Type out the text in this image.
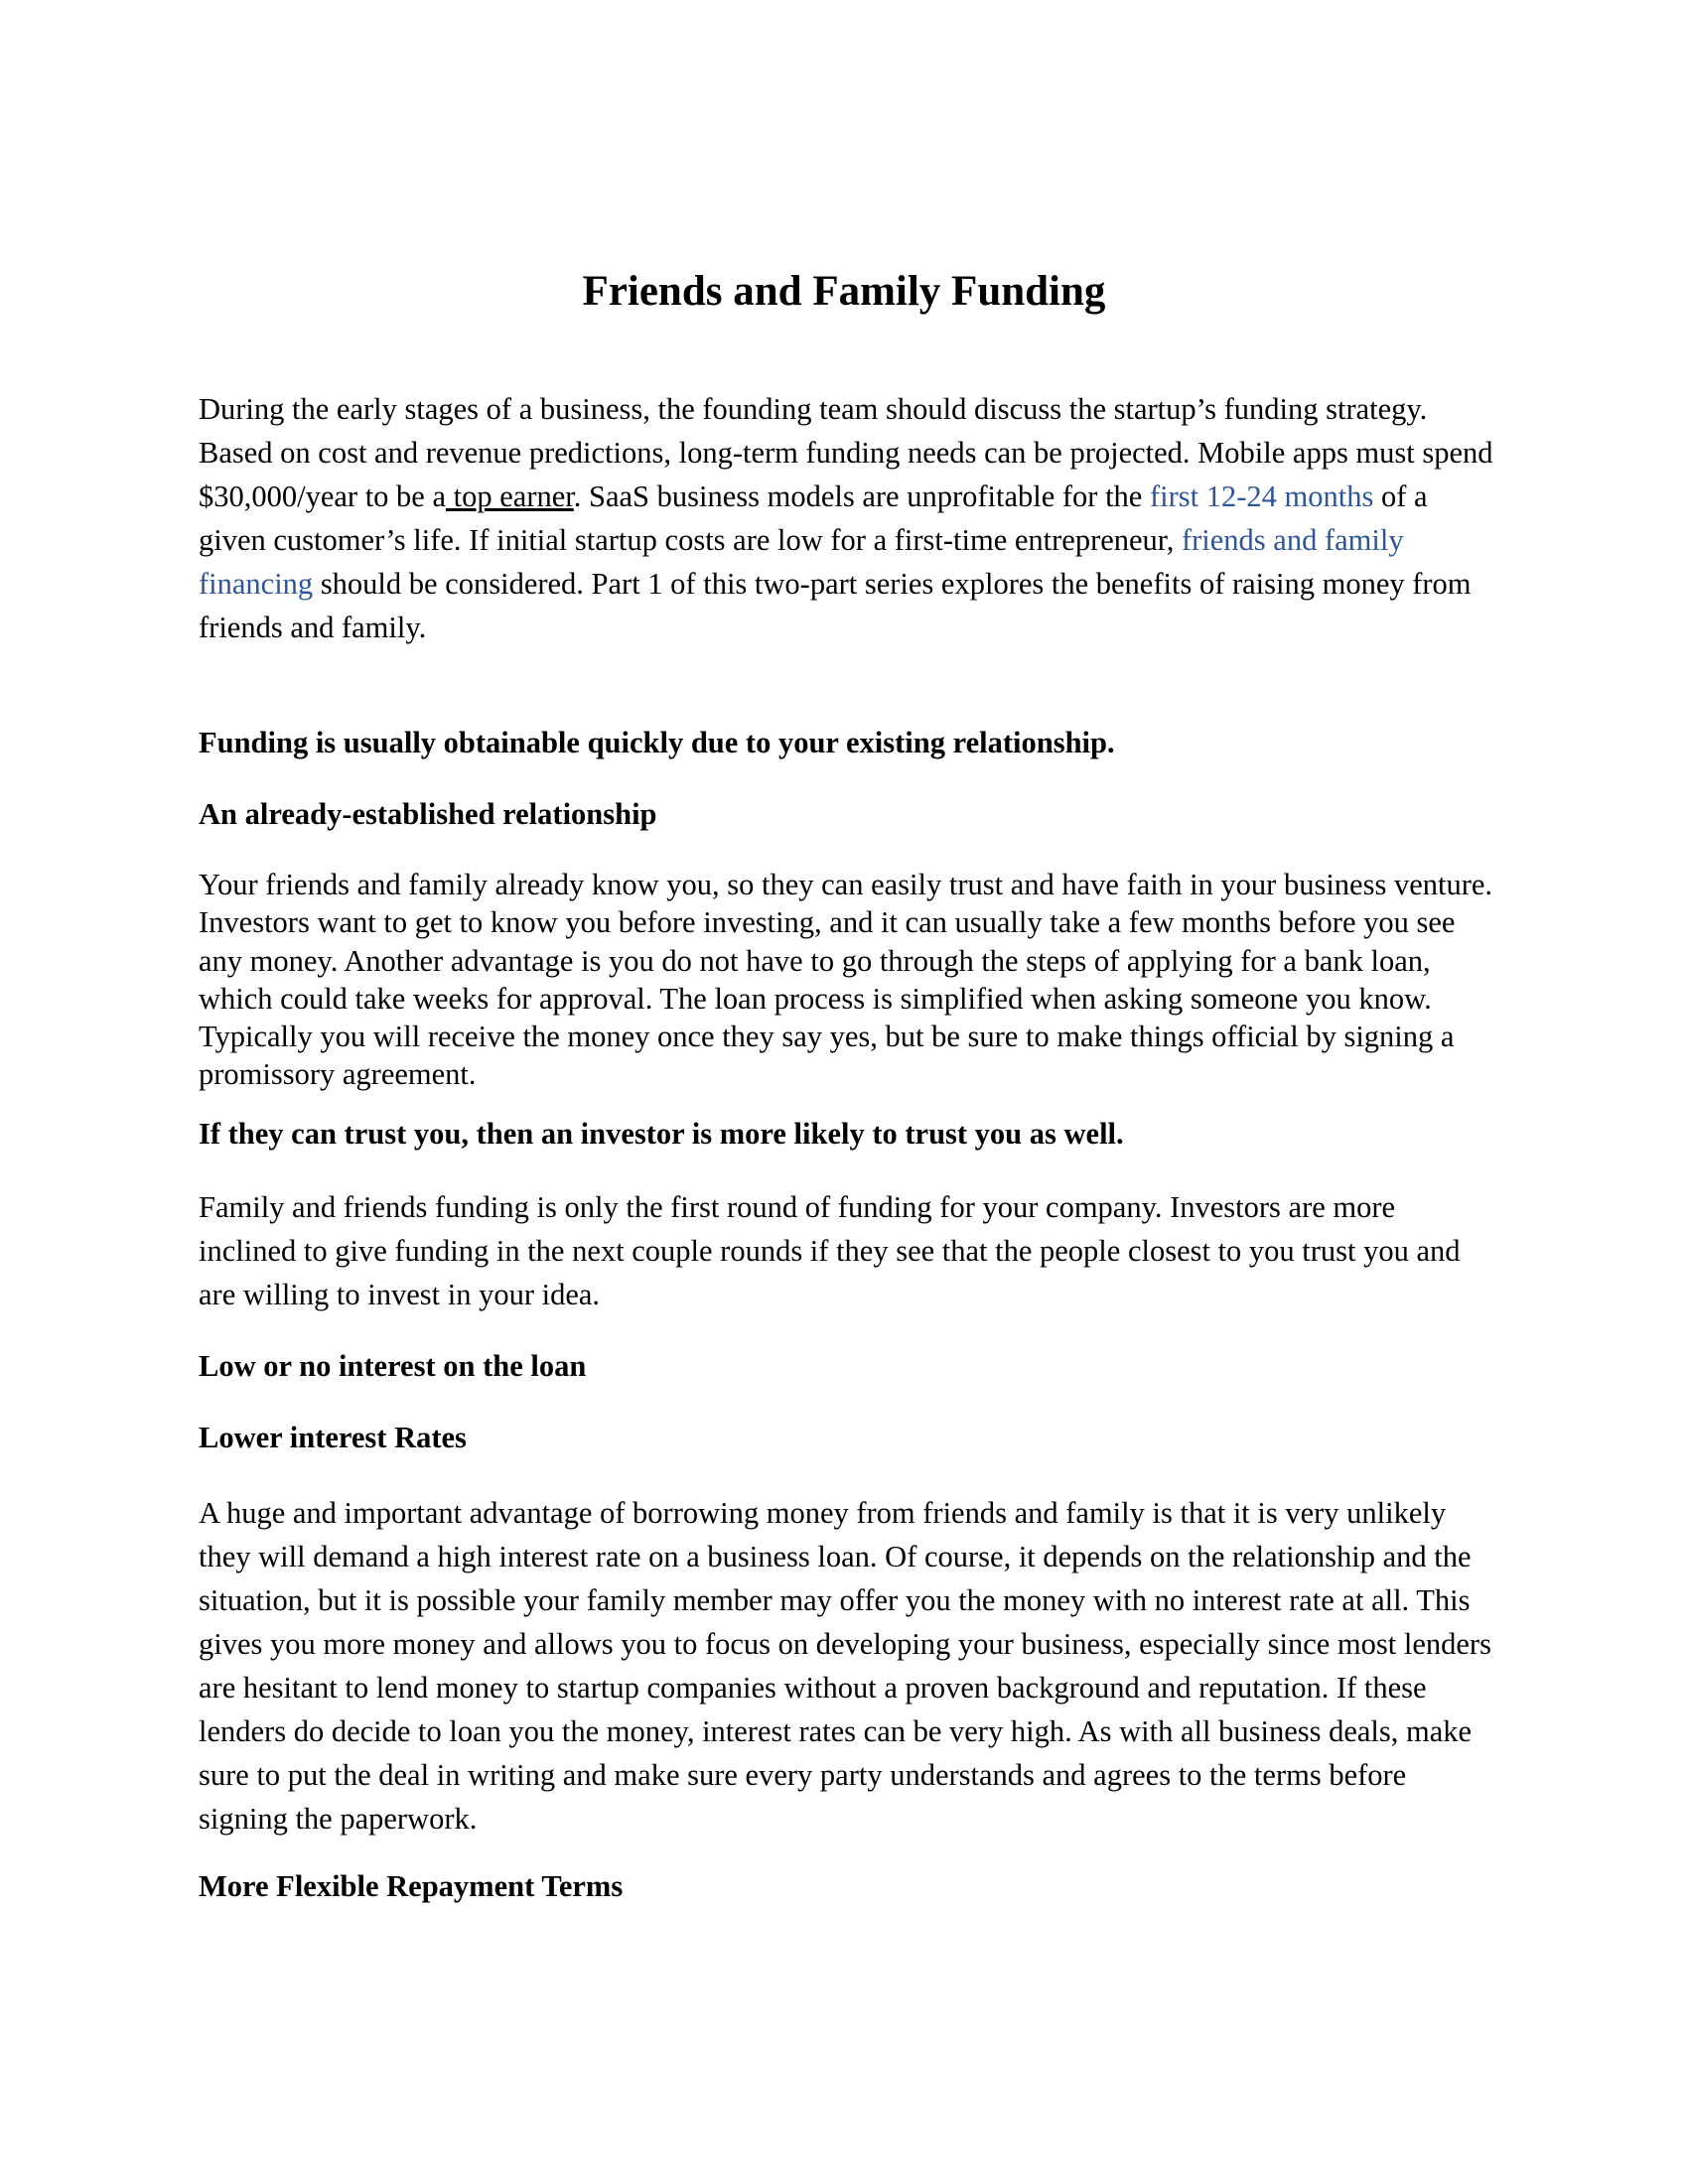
Friends and Family Funding

During the early stages of a business, the founding team should discuss the startup’s funding strategy. Based on cost and revenue predictions, long-term funding needs can be projected. Mobile apps must spend $30,000/year to be a top earner. SaaS business models are unprofitable for the first 12-24 months of a given customer’s life. If initial startup costs are low for a first-time entrepreneur, friends and family financing should be considered. Part 1 of this two-part series explores the benefits of raising money from friends and family.

Funding is usually obtainable quickly due to your existing relationship.
An already-established relationship

Your friends and family already know you, so they can easily trust and have faith in your business venture. Investors want to get to know you before investing, and it can usually take a few months before you see any money. Another advantage is you do not have to go through the steps of applying for a bank loan, which could take weeks for approval. The loan process is simplified when asking someone you know. Typically you will receive the money once they say yes, but be sure to make things official by signing a promissory agreement.

If they can trust you, then an investor is more likely to trust you as well.

Family and friends funding is only the first round of funding for your company. Investors are more inclined to give funding in the next couple rounds if they see that the people closest to you trust you and are willing to invest in your idea.

Low or no interest on the loan
Lower interest Rates

A huge and important advantage of borrowing money from friends and family is that it is very unlikely they will demand a high interest rate on a business loan. Of course, it depends on the relationship and the situation, but it is possible your family member may offer you the money with no interest rate at all. This gives you more money and allows you to focus on developing your business, especially since most lenders are hesitant to lend money to startup companies without a proven background and reputation. If these lenders do decide to loan you the money, interest rates can be very high. As with all business deals, make sure to put the deal in writing and make sure every party understands and agrees to the terms before signing the paperwork.

More Flexible Repayment Terms
